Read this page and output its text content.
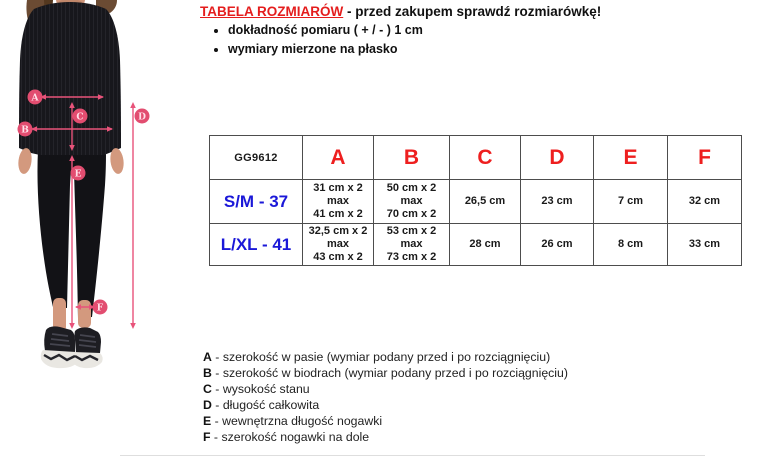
A
B
C	D
E
F
TABELA ROZMIARÓW - przed zakupem sprawdź rozmiarówkę!
• dokładność pomiaru ( + / - ) 1 cm
• wymiary mierzone na płasko
GG9612	A	B	C	D	E	F
S/M - 37	31 cm x 2
max
41 cm x 2	50 cm x 2
max
70 cm x 2	26,5 cm	23 cm	7 cm	32 cm

L/XL - 41	32,5 cm x 2
max
43 cm x 2	53 cm x 2
max
73 cm x 2	28 cm	26 cm	8 cm	33 cm
A - szerokość w pasie (wymiar podany przed i po rozciągnięciu)
B - szerokość w biodrach (wymiar podany przed i po rozciągnięciu)
C - wysokość stanu
D - długość całkowita
E - wewnętrzna długość nogawki
F - szerokość nogawki na dole
